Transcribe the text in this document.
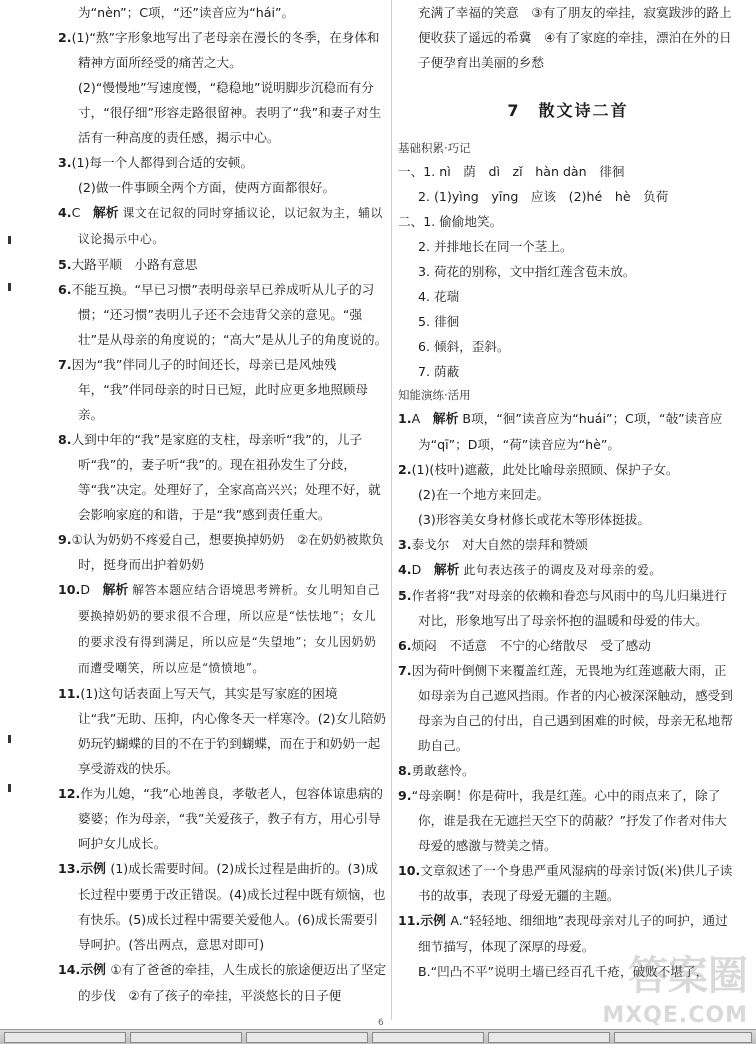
为“nèn”；C项，“还”读音应为“hái”。

2.(1)“熬”字形象地写出了老母亲在漫长的冬季，在身体和精神方面所经受的痛苦之大。

(2)“慢慢地”写速度慢，“稳稳地”说明脚步沉稳而有分寸，“很仔细”形容走路很留神。表明了“我”和妻子对生活有一种高度的责任感，揭示中心。

3.(1)每一个人都得到合适的安顿。

(2)做一件事顾全两个方面，使两方面都很好。

4.C　解析 课文在记叙的同时穿插议论，以记叙为主，辅以议论揭示中心。

5.大路平顺　小路有意思

6.不能互换。“早已习惯”表明母亲早已养成听从儿子的习惯；“还习惯”表明儿子还不会违背父亲的意见。“强壮”是从母亲的角度说的；“高大”是从儿子的角度说的。

7.因为“我”伴同儿子的时间还长，母亲已是风烛残年，“我”伴同母亲的时日已短，此时应更多地照顾母亲。

8.人到中年的“我”是家庭的支柱，母亲听“我”的，儿子听“我”的，妻子听“我”的。现在祖孙发生了分歧，等“我”决定。处理好了，全家高高兴兴；处理不好，就会影响家庭的和谐，于是“我”感到责任重大。

9.①认为奶奶不疼爱自己，想要换掉奶奶　②在奶奶被欺负时，挺身而出护着奶奶

10.D　解析 解答本题应结合语境思考辨析。女儿明知自己要换掉奶奶的要求很不合理，所以应是“怯怯地”；女儿的要求没有得到满足，所以应是“失望地”；女儿因奶奶而遭受嘲笑，所以应是“愤愤地”。

11.(1)这句话表面上写天气，其实是写家庭的困境让“我”无助、压抑，内心像冬天一样寒冷。(2)女儿陪奶奶玩钓蝴蝶的目的不在于钓到蝴蝶，而在于和奶奶一起享受游戏的快乐。

12.作为儿媳，“我”心地善良，孝敬老人，包容体谅患病的婆婆；作为母亲，“我”关爱孩子，教子有方，用心引导呵护女儿成长。

13.示例 (1)成长需要时间。(2)成长过程是曲折的。(3)成长过程中要勇于改正错误。(4)成长过程中既有烦恼，也有快乐。(5)成长过程中需要关爱他人。(6)成长需要引导呵护。(答出两点，意思对即可)

14.示例 ①有了爸爸的牵挂，人生成长的旅途便迈出了坚定的步伐　②有了孩子的牵挂，平淡悠长的日子便

充满了幸福的笑意　③有了朋友的牵挂，寂寞跋涉的路上便收获了遥远的希冀　④有了家庭的牵挂，漂泊在外的日子便孕育出美丽的乡愁

7　散文诗二首
基础积累·巧记

一、1. nì　荫　dì　zǐ　hàn dàn　徘徊

2. (1)yìng　yīng　应该　(2)hé　hè　负荷

二、1. 偷偷地笑。

2. 并排地长在同一个茎上。

3. 荷花的别称，文中指红莲含苞未放。

4. 花瑞

5. 徘徊

6. 倾斜，歪斜。

7. 荫蔽

知能演练·活用

1.A　解析 B项，“徊”读音应为“huái”；C项，“敧”读音应为“qī”；D项，“荷”读音应为“hè”。

2.(1)(枝叶)遮蔽，此处比喻母亲照顾、保护子女。

(2)在一个地方来回走。

(3)形容美女身材修长或花木等形体挺拔。

3.泰戈尔　对大自然的崇拜和赞颂

4.D　解析 此句表达孩子的调皮及对母亲的爱。

5.作者将“我”对母亲的依赖和眷恋与风雨中的鸟儿归巢进行对比，形象地写出了母亲怀抱的温暖和母爱的伟大。

6.烦闷　不适意　不宁的心绪散尽　受了感动

7.因为荷叶倒侧下来覆盖红莲，无畏地为红莲遮蔽大雨，正如母亲为自己遮风挡雨。作者的内心被深深触动，感受到母亲为自己的付出，自己遇到困难的时候，母亲无私地帮助自己。

8.勇敢慈怜。

9.“母亲啊！你是荷叶，我是红莲。心中的雨点来了，除了你，谁是我在无遮拦天空下的荫蔽？”抒发了作者对伟大母爱的感激与赞美之情。

10.文章叙述了一个身患严重风湿病的母亲讨饭(米)供儿子读书的故事，表现了母爱无疆的主题。

11.示例 A.“轻轻地、细细地”表现母亲对儿子的呵护，通过细节描写，体现了深厚的母爱。

B.“凹凸不平”说明土墙已经百孔千疮，破败不堪了，

6
答案圈
MXQE.COM
